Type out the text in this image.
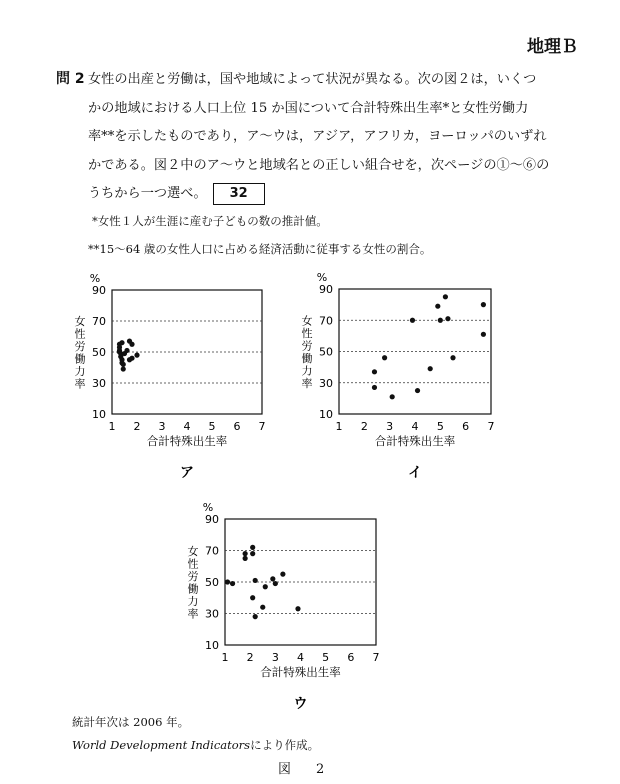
地理Ｂ
問 2 女性の出産と労働は，国や地域によって状況が異なる。次の図２は，いくつ
かの地域における人口上位 15 か国について合計特殊出生率*と女性労働力
率**を示したものであり，ア～ウは，アジア，アフリカ，ヨーロッパのいずれ
かである。図２中のア～ウと地域名との正しい組合せを，次ページの①～⑥の
うちから一つ選べ。 32
*女性１人が生涯に産む子どもの数の推計値。
**15～64 歳の女性人口に占める経済活動に従事する女性の割合。
10
30
50
70
90
1 2 3 4 5 6 7
%
女
性
労
働
力
率
合計特殊出生率
ア
10
30
50
70
90
1 2 3 4 5 6 7
%
女
性
労
働
力
率
合計特殊出生率
イ
10
30
50
70
90
1 2 3 4 5 6 7
%
女
性
労
働
力
率
合計特殊出生率
ウ
統計年次は 2006 年。
World Development Indicatorsにより作成。
図　2
